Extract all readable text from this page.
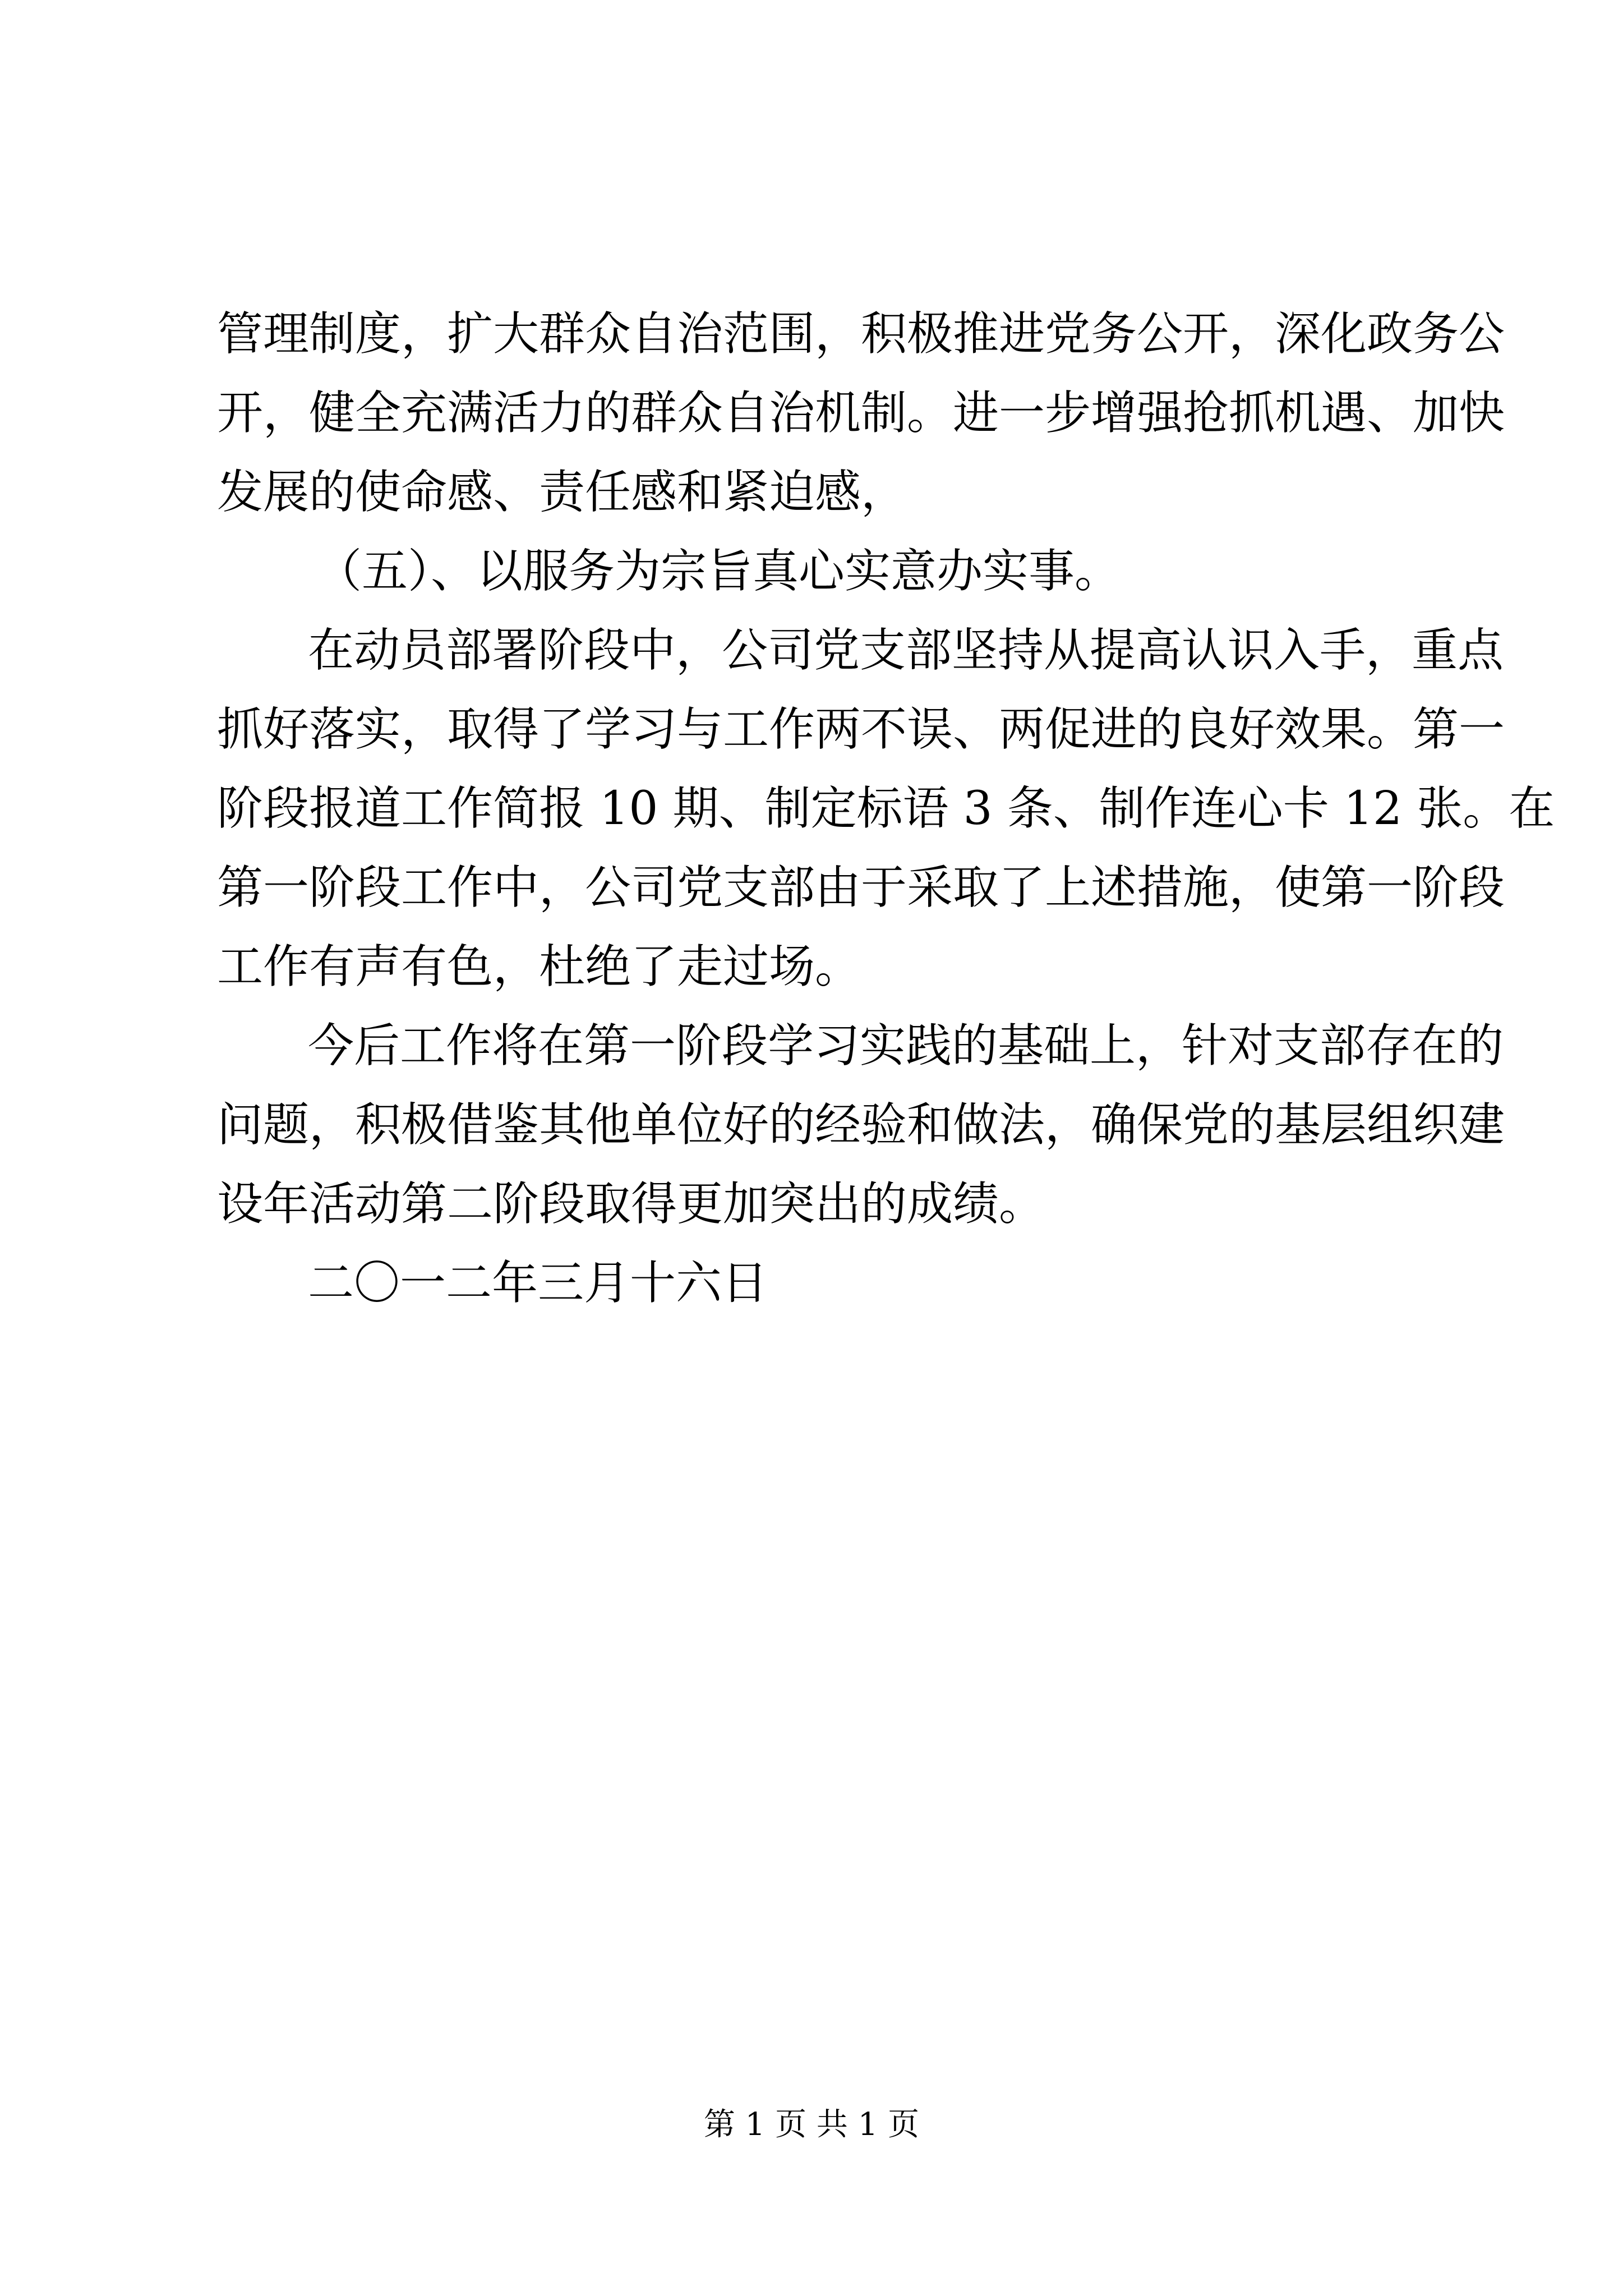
管理制度，扩大群众自治范围，积极推进党务公开，深化政务公
开，健全充满活力的群众自治机制。进一步增强抢抓机遇、加快
发展的使命感、责任感和紧迫感，
（五）、以服务为宗旨真心实意办实事。
在动员部署阶段中，公司党支部坚持从提高认识入手，重点
抓好落实，取得了学习与工作两不误、两促进的良好效果。第一
阶段报道工作简报 10 期、制定标语 3 条、制作连心卡 12 张。在
第一阶段工作中，公司党支部由于采取了上述措施，使第一阶段
工作有声有色，杜绝了走过场。
今后工作将在第一阶段学习实践的基础上，针对支部存在的
问题，积极借鉴其他单位好的经验和做法，确保党的基层组织建
设年活动第二阶段取得更加突出的成绩。
二〇一二年三月十六日
第 1 页 共 1 页
